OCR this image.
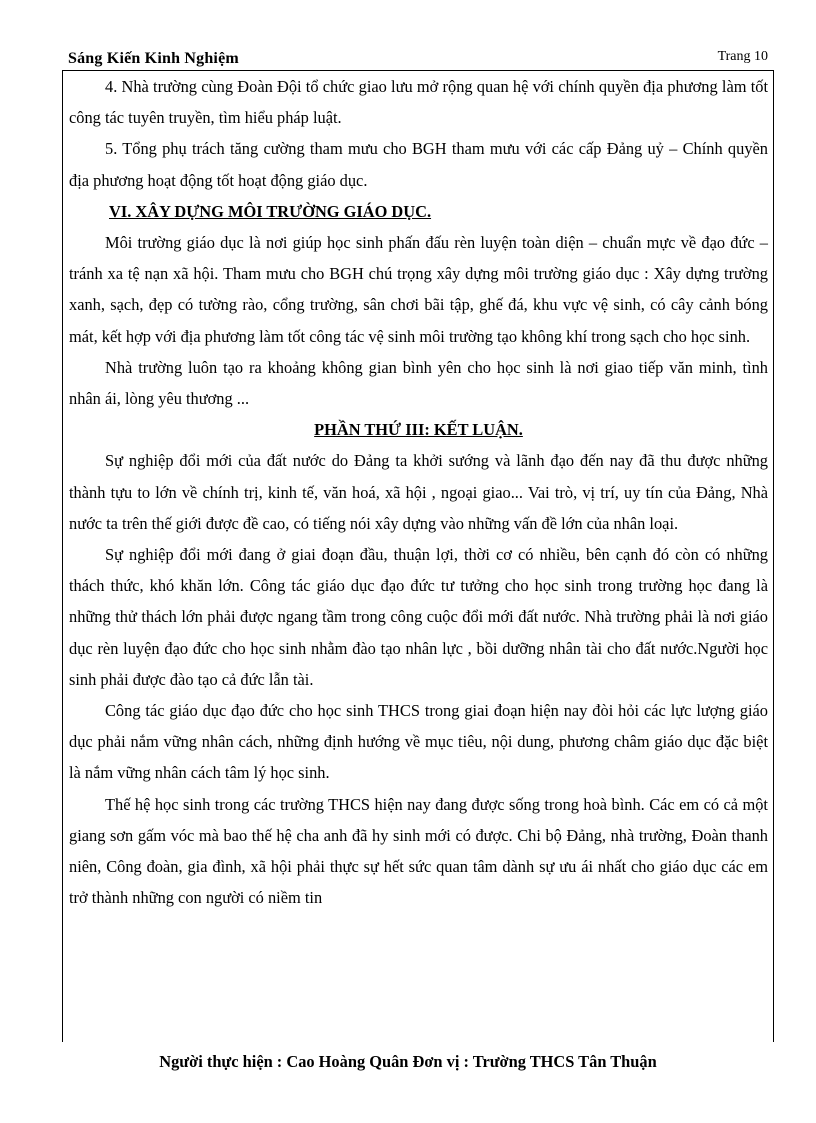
Sáng Kiến Kinh Nghiệm	Trang 10

4. Nhà trường cùng Đoàn Đội tổ chức giao lưu mở rộng quan hệ với chính quyền địa phương làm tốt công tác tuyên truyền, tìm hiểu pháp luật.

5. Tổng phụ trách tăng cường tham mưu cho BGH tham mưu với các cấp Đảng uỷ – Chính quyền địa phương hoạt động tốt hoạt động giáo dục.

VI. XÂY DỰNG MÔI TRƯỜNG GIÁO DỤC.

Môi trường giáo dục là nơi giúp học sinh phấn đấu rèn luyện toàn diện – chuẩn mực về đạo đức – tránh xa tệ nạn xã hội. Tham mưu cho BGH chú trọng xây dựng môi trường giáo dục : Xây dựng trường xanh, sạch, đẹp có tường rào, cổng trường, sân chơi bãi tập, ghế đá, khu vực vệ sinh, có cây cảnh bóng mát, kết hợp với địa phương làm tốt công tác vệ sinh môi trường tạo không khí trong sạch cho học sinh.

Nhà trường luôn tạo ra khoảng không gian bình yên cho học sinh là nơi giao tiếp văn minh, tình nhân ái, lòng yêu thương ...

PHẦN THỨ III: KẾT LUẬN.

Sự nghiệp đổi mới của đất nước do Đảng ta khởi sướng và lãnh đạo đến nay đã thu được những thành tựu to lớn về chính trị, kinh tế, văn hoá, xã hội , ngoại giao... Vai trò, vị trí, uy tín của Đảng, Nhà nước ta trên thế giới được đề cao, có tiếng nói xây dựng vào những vấn đề lớn của nhân loại.

Sự nghiệp đổi mới đang ở giai đoạn đầu, thuận lợi, thời cơ có nhiều, bên cạnh đó còn có những thách thức, khó khăn lớn. Công tác giáo dục đạo đức tư tưởng cho học sinh trong trường học đang là những thử thách lớn phải được ngang tầm trong công cuộc đổi mới đất nước. Nhà trường phải là nơi giáo dục rèn luyện đạo đức cho học sinh nhằm đào tạo nhân lực , bồi dưỡng nhân tài cho đất nước.Người học sinh phải được đào tạo cả đức lẫn tài.

Công tác giáo dục đạo đức cho học sinh THCS trong giai đoạn hiện nay đòi hỏi các lực lượng giáo dục phải nắm vững nhân cách, những định hướng về mục tiêu, nội dung, phương châm giáo dục đặc biệt là nắm vững nhân cách tâm lý học sinh.

Thế hệ học sinh trong các trường THCS hiện nay đang được sống trong hoà bình. Các em có cả một giang sơn gấm vóc mà bao thế hệ cha anh đã hy sinh mới có được. Chi bộ Đảng, nhà trường, Đoàn thanh niên, Công đoàn, gia đình, xã hội phải thực sự hết sức quan tâm dành sự ưu ái nhất cho giáo dục các em trở thành những con người có niềm tin

Người thực hiện : Cao Hoàng Quân Đơn vị : Trường THCS Tân Thuận
